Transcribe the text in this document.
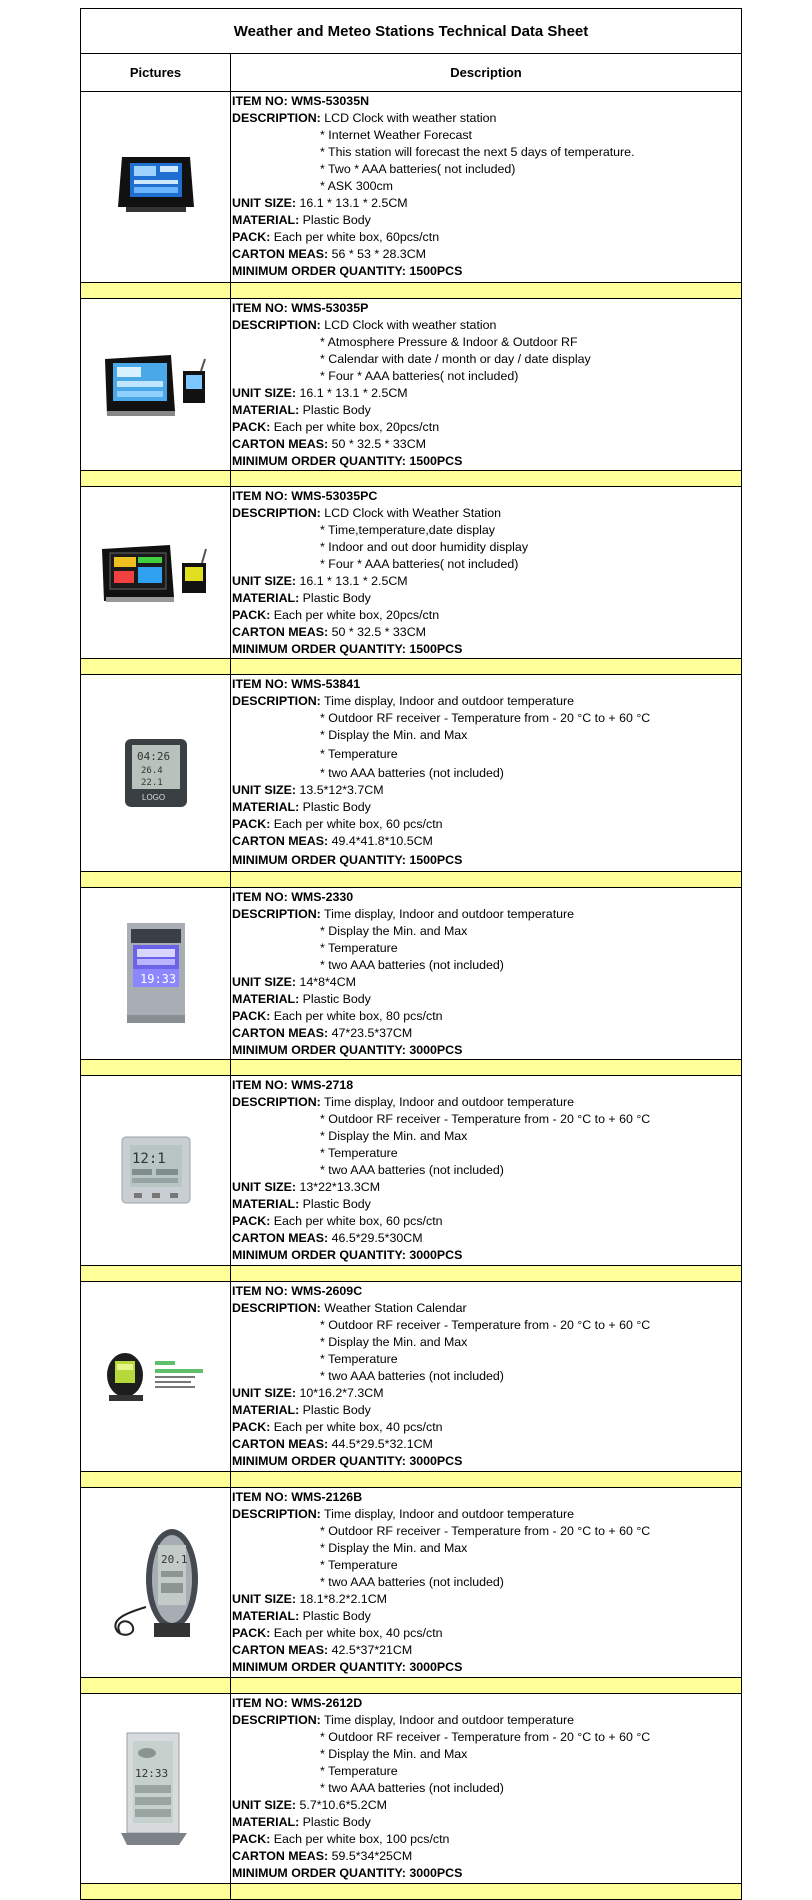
Weather and Meteo Stations Technical Data Sheet
Pictures	Description
ITEM NO: WMS-53035N
DESCRIPTION: LCD Clock with weather station
* Internet Weather Forecast
* This station will forecast the next 5 days of temperature.
* Two * AAA batteries( not included)
* ASK 300cm
UNIT SIZE: 16.1 * 13.1 * 2.5CM
MATERIAL: Plastic Body
PACK: Each per white box, 60pcs/ctn
CARTON MEAS: 56 * 53 * 28.3CM
MINIMUM ORDER QUANTITY: 1500PCS
ITEM NO: WMS-53035P
DESCRIPTION: LCD Clock with weather station
* Atmosphere Pressure & Indoor & Outdoor RF
* Calendar with date / month or day / date display
* Four * AAA batteries( not included)
UNIT SIZE: 16.1 * 13.1 * 2.5CM
MATERIAL: Plastic Body
PACK: Each per white box, 20pcs/ctn
CARTON MEAS: 50 * 32.5 * 33CM
MINIMUM ORDER QUANTITY: 1500PCS
ITEM NO: WMS-53035PC
DESCRIPTION: LCD Clock with Weather Station
* Time,temperature,date display
* Indoor and out door humidity display
* Four * AAA batteries( not included)
UNIT SIZE: 16.1 * 13.1 * 2.5CM
MATERIAL: Plastic Body
PACK: Each per white box, 20pcs/ctn
CARTON MEAS: 50 * 32.5 * 33CM
MINIMUM ORDER QUANTITY: 1500PCS
04:26
26.4
22.1
LOGO
ITEM NO: WMS-53841
DESCRIPTION: Time display, Indoor and outdoor temperature
* Outdoor RF receiver - Temperature from - 20 °C to + 60 °C
* Display the Min. and Max
* Temperature
* two AAA batteries (not included)
UNIT SIZE: 13.5*12*3.7CM
MATERIAL: Plastic Body
PACK: Each per white box, 60 pcs/ctn
CARTON MEAS: 49.4*41.8*10.5CM
MINIMUM ORDER QUANTITY: 1500PCS
19:33
ITEM NO: WMS-2330
DESCRIPTION: Time display, Indoor and outdoor temperature
* Display the Min. and Max
* Temperature
* two AAA batteries (not included)
UNIT SIZE: 14*8*4CM
MATERIAL: Plastic Body
PACK: Each per white box, 80 pcs/ctn
CARTON MEAS: 47*23.5*37CM
MINIMUM ORDER QUANTITY: 3000PCS
12:1
ITEM NO: WMS-2718
DESCRIPTION: Time display, Indoor and outdoor temperature
* Outdoor RF receiver - Temperature from - 20 °C to + 60 °C
* Display the Min. and Max
* Temperature
* two AAA batteries (not included)
UNIT SIZE: 13*22*13.3CM
MATERIAL: Plastic Body
PACK: Each per white box, 60 pcs/ctn
CARTON MEAS: 46.5*29.5*30CM
MINIMUM ORDER QUANTITY: 3000PCS
ITEM NO: WMS-2609C
DESCRIPTION: Weather Station Calendar
* Outdoor RF receiver - Temperature from - 20 °C to + 60 °C
* Display the Min. and Max
* Temperature
* two AAA batteries (not included)
UNIT SIZE: 10*16.2*7.3CM
MATERIAL: Plastic Body
PACK: Each per white box, 40 pcs/ctn
CARTON MEAS: 44.5*29.5*32.1CM
MINIMUM ORDER QUANTITY: 3000PCS
20.1
ITEM NO: WMS-2126B
DESCRIPTION: Time display, Indoor and outdoor temperature
* Outdoor RF receiver - Temperature from - 20 °C to + 60 °C
* Display the Min. and Max
* Temperature
* two AAA batteries (not included)
UNIT SIZE: 18.1*8.2*2.1CM
MATERIAL: Plastic Body
PACK: Each per white box, 40 pcs/ctn
CARTON MEAS: 42.5*37*21CM
MINIMUM ORDER QUANTITY: 3000PCS
12:33
ITEM NO: WMS-2612D
DESCRIPTION: Time display, Indoor and outdoor temperature
* Outdoor RF receiver - Temperature from - 20 °C to + 60 °C
* Display the Min. and Max
* Temperature
* two AAA batteries (not included)
UNIT SIZE: 5.7*10.6*5.2CM
MATERIAL: Plastic Body
PACK: Each per white box, 100 pcs/ctn
CARTON MEAS: 59.5*34*25CM
MINIMUM ORDER QUANTITY: 3000PCS
